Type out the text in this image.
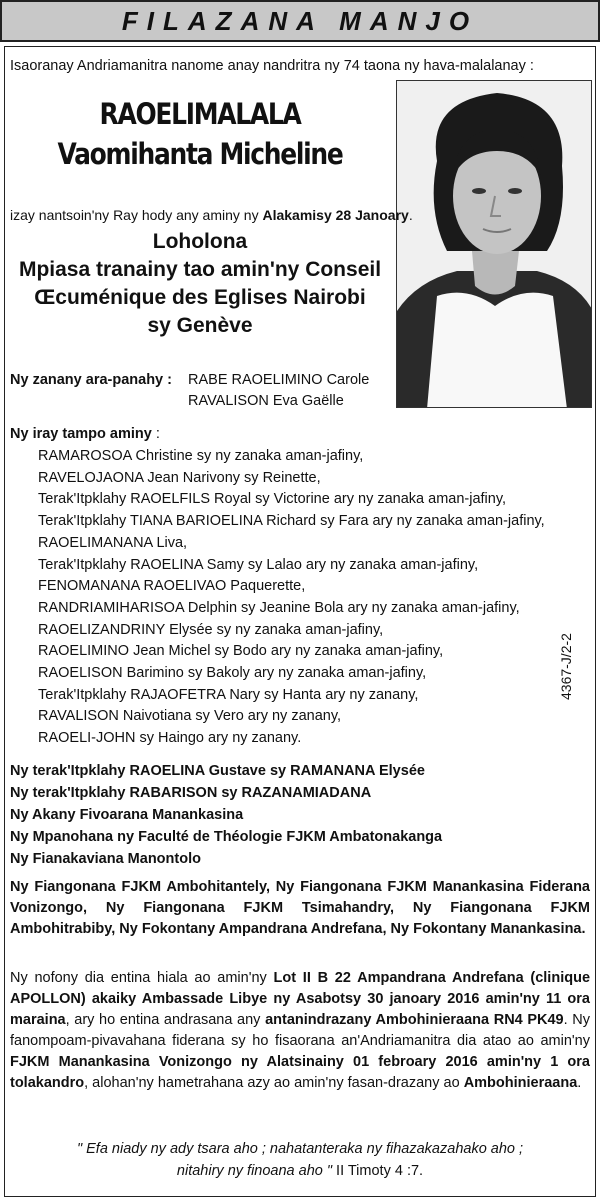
FILAZANA MANJO
Isaoranay Andriamanitra nanome anay nandritra ny 74 taona ny hava-malalanay :
RAOELIMALALA
Vaomihanta Micheline
izay nantsoin'ny Ray hody any aminy ny Alakamisy 28 Janoary.
Loholona
Mpiasa tranainy tao amin'ny Conseil
Œcuménique des Eglises Nairobi
sy Genève
Ny zanany ara-panahy : RABE RAOELIMINO Carole
RAVALISON Eva Gaëlle
Ny iray tampo aminy :
RAMAROSOA Christine sy ny zanaka aman-jafiny,
RAVELOJAONA Jean Narivony sy Reinette,
Terak'Itpklahy RAOELFILS Royal sy Victorine ary ny zanaka aman-jafiny,
Terak'Itpklahy TIANA BARIOELINA Richard sy Fara ary ny zanaka aman-jafiny,
RAOELIMANANA Liva,
Terak'Itpklahy RAOELINA Samy sy Lalao ary ny zanaka aman-jafiny,
FENOMANANA RAOELIVAO Paquerette,
RANDRIAMIHARISOA Delphin sy Jeanine Bola ary ny zanaka aman-jafiny,
RAOELIZANDRINY Elysée sy ny zanaka aman-jafiny,
RAOELIMINO Jean Michel sy Bodo ary ny zanaka aman-jafiny,
RAOELISON Barimino sy Bakoly ary ny zanaka aman-jafiny,
Terak'Itpklahy RAJAOFETRA Nary sy Hanta ary ny zanany,
RAVALISON Naivotiana sy Vero ary ny zanany,
RAOELI-JOHN sy Haingo ary ny zanany.
4367-J/2-2
Ny terak'Itpklahy RAOELINA Gustave sy RAMANANA Elysée
Ny terak'Itpklahy RABARISON sy RAZANAMIADANA
Ny Akany Fivoarana Manankasina
Ny Mpanohana ny Faculté de Théologie FJKM Ambatonakanga
Ny Fianakaviana Manontolo
Ny Fiangonana FJKM Ambohitantely, Ny Fiangonana FJKM Manankasina Fiderana Vonizongo, Ny Fiangonana FJKM Tsimahandry, Ny Fiangonana FJKM Ambohitrabiby, Ny Fokontany Ampandrana Andrefana, Ny Fokontany Manankasina.
Ny nofony dia entina hiala ao amin'ny Lot II B 22 Ampandrana Andrefana (clinique APOLLON) akaiky Ambassade Libye ny Asabotsy 30 janoary 2016 amin'ny 11 ora maraina, ary ho entina andrasana any antanindrazany Ambohinieraana RN4 PK49. Ny fanompoam-pivavahana fiderana sy ho fisaorana an'Andriamanitra dia atao ao amin'ny FJKM Manankasina Vonizongo ny Alatsinainy 01 febroary 2016 amin'ny 1 ora tolakandro, alohan'ny hametrahana azy ao amin'ny fasan-drazany ao Ambohinieraana.
" Efa niady ny ady tsara aho ; nahatanteraka ny fihazakazahako aho ;
nitahiry ny finoana aho " II Timoty 4 :7.
